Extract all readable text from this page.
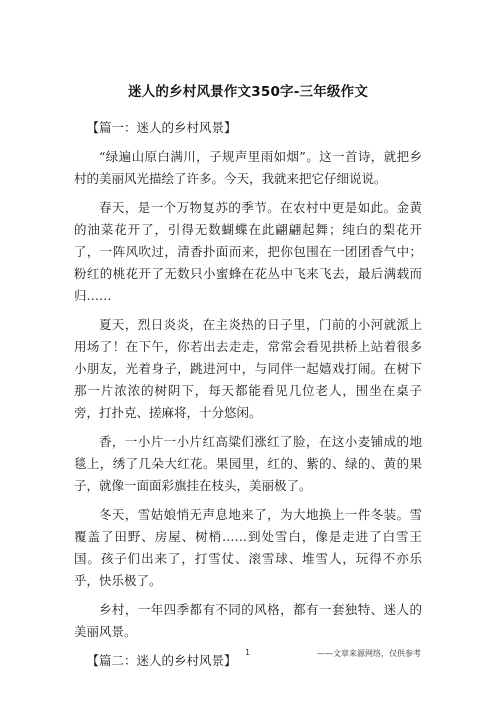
迷人的乡村风景作文350字-三年级作文

【篇一：迷人的乡村风景】

“绿遍山原白满川，子规声里雨如烟”。这一首诗，就把乡村的美丽风光描绘了许多。今天，我就来把它仔细说说。

春天，是一个万物复苏的季节。在农村中更是如此。金黄的油菜花开了，引得无数蝴蝶在此翩翩起舞；纯白的梨花开了，一阵风吹过，清香扑面而来，把你包围在一团团香气中；粉红的桃花开了无数只小蜜蜂在花丛中飞来飞去，最后满载而归……

夏天，烈日炎炎，在主炎热的日子里，门前的小河就派上用场了！在下午，你若出去走走，常常会看见拱桥上站着很多小朋友，光着身子，跳进河中，与同伴一起嬉戏打闹。在树下那一片浓浓的树阴下，每天都能看见几位老人，围坐在桌子旁，打扑克、搓麻将，十分悠闲。

香，一小片一小片红高粱们涨红了脸，在这小麦铺成的地毯上，绣了几朵大红花。果园里，红的、紫的、绿的、黄的果子，就像一面面彩旗挂在枝头，美丽极了。

冬天，雪姑娘悄无声息地来了，为大地换上一件冬装。雪覆盖了田野、房屋、树梢……到处雪白，像是走进了白雪王国。孩子们出来了，打雪仗、滚雪球、堆雪人，玩得不亦乐乎，快乐极了。

乡村，一年四季都有不同的风格，都有一套独特、迷人的美丽风景。

【篇二：迷人的乡村风景】

1	——文章来源网络，仅供参考
